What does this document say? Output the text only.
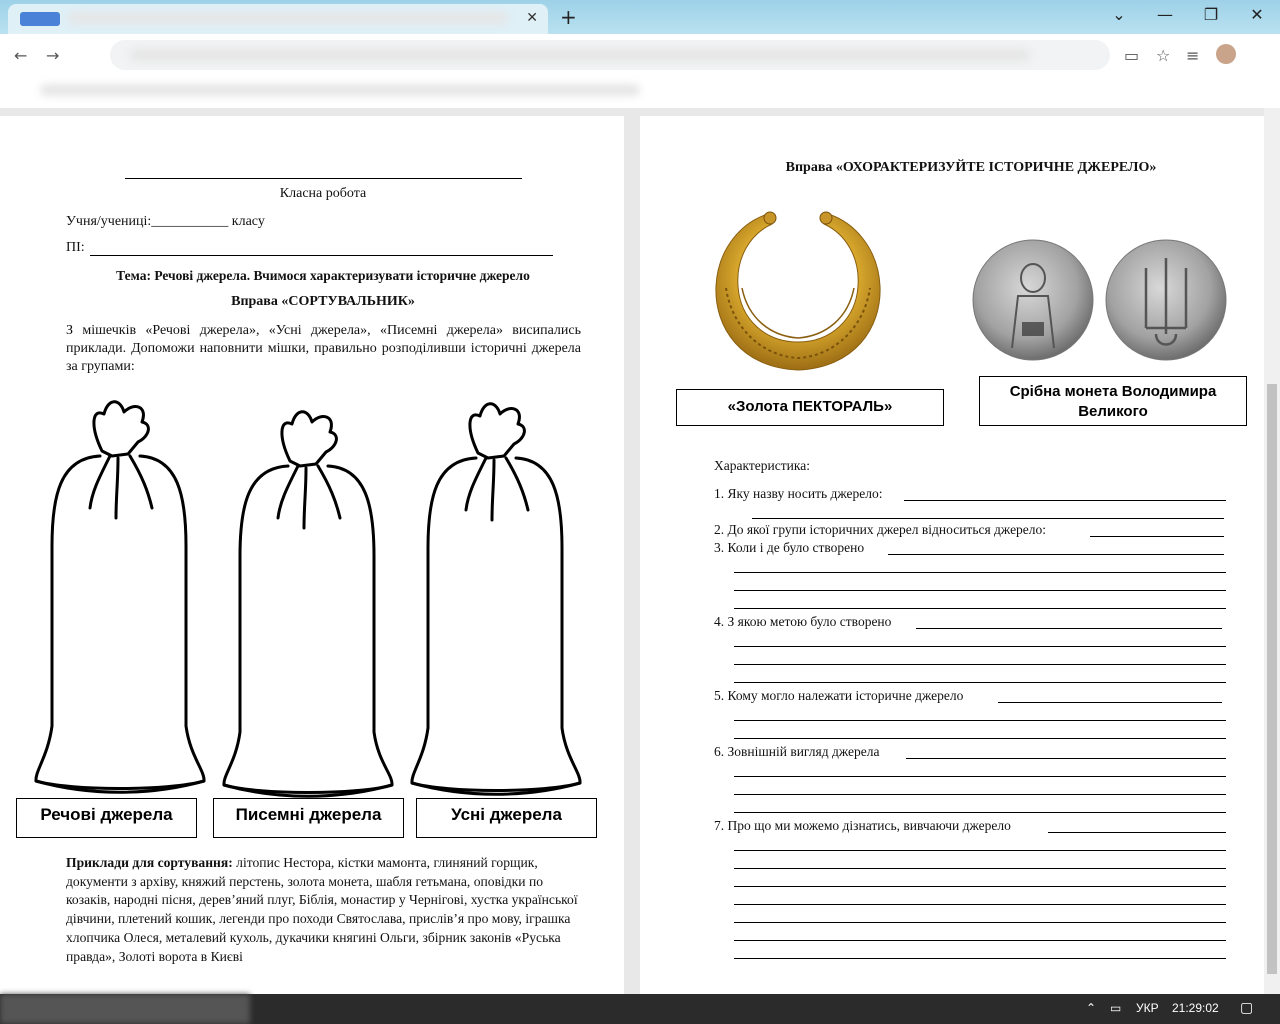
✕ +	⌄	—	❐	✕
← →	▭ ☆ ≡
Класна робота
Учня/учениці:___________ класу
ПІ:
Тема: Речові джерела. Вчимося характеризувати історичне джерело
Вправа «СОРТУВАЛЬНИК»
З мішечків «Речові джерела», «Усні джерела», «Писемні джерела» висипались приклади. Допоможи наповнити мішки, правильно розподіливши історичні джерела за групами:
Речові джерела	Писемні джерела	Усні джерела
Приклади для сортування: літопис Нестора, кістки мамонта, глиняний горщик, документи з архіву, княжий перстень, золота монета, шабля гетьмана, оповідки по козаків, народні пісня, дерев’яний плуг, Біблія, монастир у Чернігові, хустка української дівчини, плетений кошик, легенди про походи Святослава, прислів’я про мову, іграшка хлопчика Олеся, металевий кухоль, дукачики княгині Ольги, збірник законів «Руська правда», Золоті ворота в Києві
Вправа «ОХОРАКТЕРИЗУЙТЕ ІСТОРИЧНЕ ДЖЕРЕЛО»
«Золота ПЕКТОРАЛЬ»
Срібна монета Володимира Великого
Характеристика:
1. Яку назву носить джерело:
2. До якої групи історичних джерел відноситься джерело:
3. Коли і де було створено
4. З якою метою було створено
5. Кому могло належати історичне джерело
6. Зовнішній вигляд джерела
7. Про що ми можемо дізнатись, вивчаючи джерело
⌃ ▭ УКР 21:29:02 ▢
